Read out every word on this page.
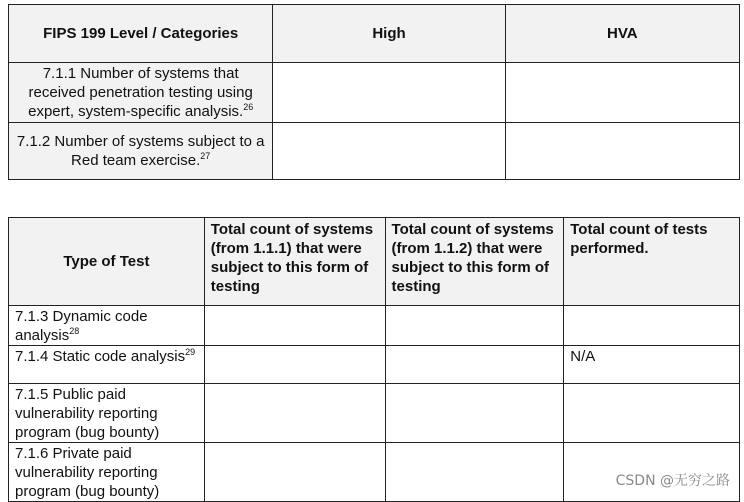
FIPS 199 Level / Categories	High	HVA
7.1.1 Number of systems that received penetration testing using expert, system-specific analysis.$^{26}$		
7.1.2 Number of systems subject to a Red team exercise.$^{27}$		
Type of Test	Total count of systems (from 1.1.1) that were subject to this form of testing	Total count of systems (from 1.1.2) that were subject to this form of testing	Total count of tests performed.
7.1.3 Dynamic code analysis$^{28}$			
7.1.4 Static code analysis$^{29}$			N/A
7.1.5 Public paid vulnerability reporting program (bug bounty)			
7.1.6 Private paid vulnerability reporting program (bug bounty)			
CSDN @无穷之路
